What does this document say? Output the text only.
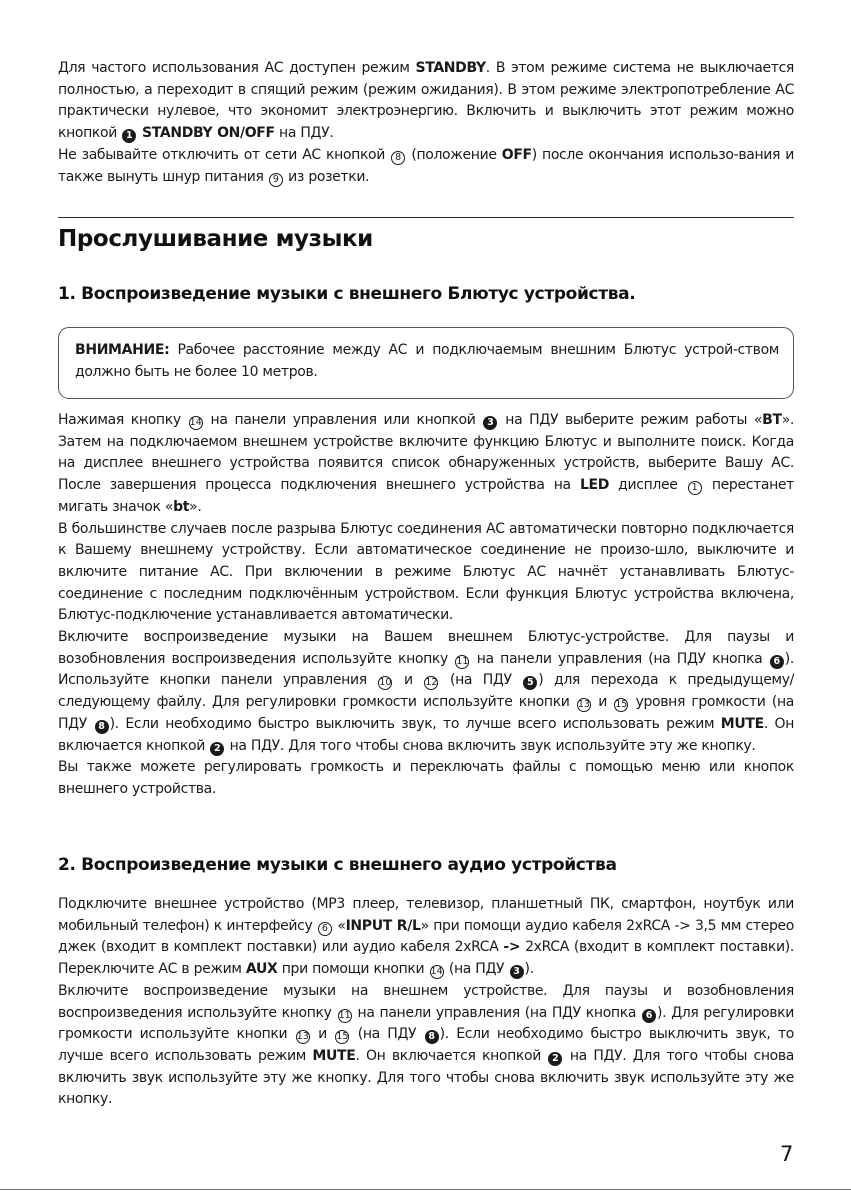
Для частого использования АС доступен режим STANDBY. В этом режиме система не выключается полностью, а переходит в спящий режим (режим ожидания). В этом режиме электропотребление АС практически нулевое, что экономит электроэнергию. Включить и выключить этот режим можно кнопкой 1 STANDBY ON/OFF на ПДУ.
Не забывайте отключить от сети АС кнопкой 8 (положение OFF) после окончания использо-вания и также вынуть шнур питания 9 из розетки.

Прослушивание музыки
1. Воспроизведение музыки с внешнего Блютус устройства.

ВНИМАНИЕ: Рабочее расстояние между АС и подключаемым внешним Блютус устрой-ством должно быть не более 10 метров.

Нажимая кнопку 14 на панели управления или кнопкой 3 на ПДУ выберите режим работы «BT». Затем на подключаемом внешнем устройстве включите функцию Блютус и выполните поиск. Когда на дисплее внешнего устройства появится список обнаруженных устройств, выберите Вашу АС. После завершения процесса подключения внешнего устройства на LED дисплее 1 перестанет мигать значок «bt».

В большинстве случаев после разрыва Блютус соединения АС автоматически повторно подключается к Вашему внешнему устройству. Если автоматическое соединение не произо-шло, выключите и включите питание АС. При включении в режиме Блютус АС начнёт устанавливать Блютус-соединение с последним подключённым устройством. Если функция Блютус устройства включена, Блютус-подключение устанавливается автоматически.

Включите воспроизведение музыки на Вашем внешнем Блютус-устройстве. Для паузы и возобновления воспроизведения используйте кнопку 11 на панели управления (на ПДУ кнопка 6 ). Используйте кнопки панели управления 10 и 12 (на ПДУ 5 ) для перехода к предыдущему/следующему файлу. Для регулировки громкости используйте кнопки 13 и 15 уровня громкости (на ПДУ 8 ). Если необходимо быстро выключить звук, то лучше всего использовать режим MUTE. Он включается кнопкой 2 на ПДУ. Для того чтобы снова включить звук используйте эту же кнопку.

Вы также можете регулировать громкость и переключать файлы с помощью меню или кнопок внешнего устройства.

2. Воспроизведение музыки с внешнего аудио устройства

Подключите внешнее устройство (МР3 плеер, телевизор, планшетный ПК, смартфон, ноутбук или мобильный телефон) к интерфейсу 6 «INPUT R/L» при помощи аудио кабеля 2xRCA -> 3,5 мм стерео джек (входит в комплект поставки) или аудио кабеля 2xRCA -> 2xRCA (входит в комплект поставки). Переключите АС в режим AUX при помощи кнопки 14 (на ПДУ 3 ).

Включите воспроизведение музыки на внешнем устройстве. Для паузы и возобновления воспроизведения используйте кнопку 11 на панели управления (на ПДУ кнопка 6 ). Для регулировки громкости используйте кнопки 13 и 15 (на ПДУ 8 ). Если необходимо быстро выключить звук, то лучше всего использовать режим MUTE. Он включается кнопкой 2 на ПДУ. Для того чтобы снова включить звук используйте эту же кнопку. Для того чтобы снова включить звук используйте эту же кнопку.

7
